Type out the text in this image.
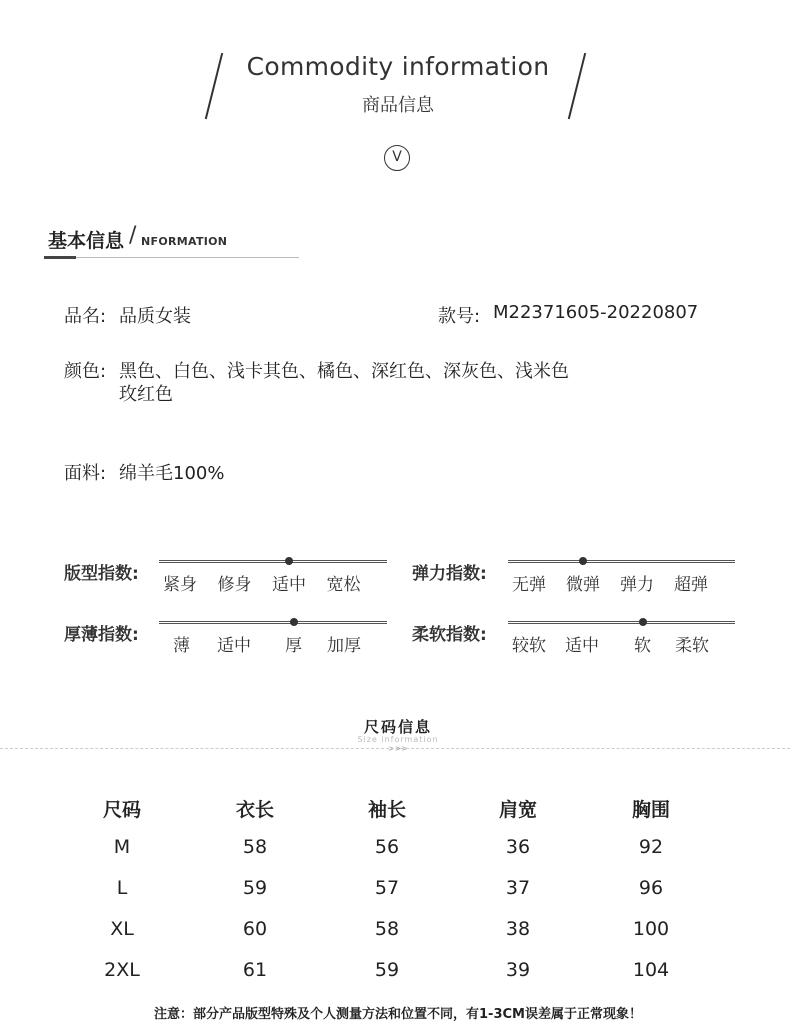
Commodity information
商品信息
V
基本信息 / NFORMATION
品名: 品质女装	款号: M22371605-20220807
颜色: 黑色、白色、浅卡其色、橘色、深红色、深灰色、浅米色
玫红色
面料: 绵羊毛100%
版型指数:	弹力指数:
厚薄指数:	柔软指数:
尺码信息
Size information
>>>
尺码	衣长	袖长	肩宽	胸围
M	58	56	36	92
L	59	57	37	96
XL	60	58	38	100
2XL	61	59	39	104
注意：部分产品版型特殊及个人测量方法和位置不同，有1-3CM误差属于正常现象！
紧身 修身 适中 宽松	无弹 微弹 弹力 超弹
薄 适中 厚 加厚	较软 适中 软 柔软
